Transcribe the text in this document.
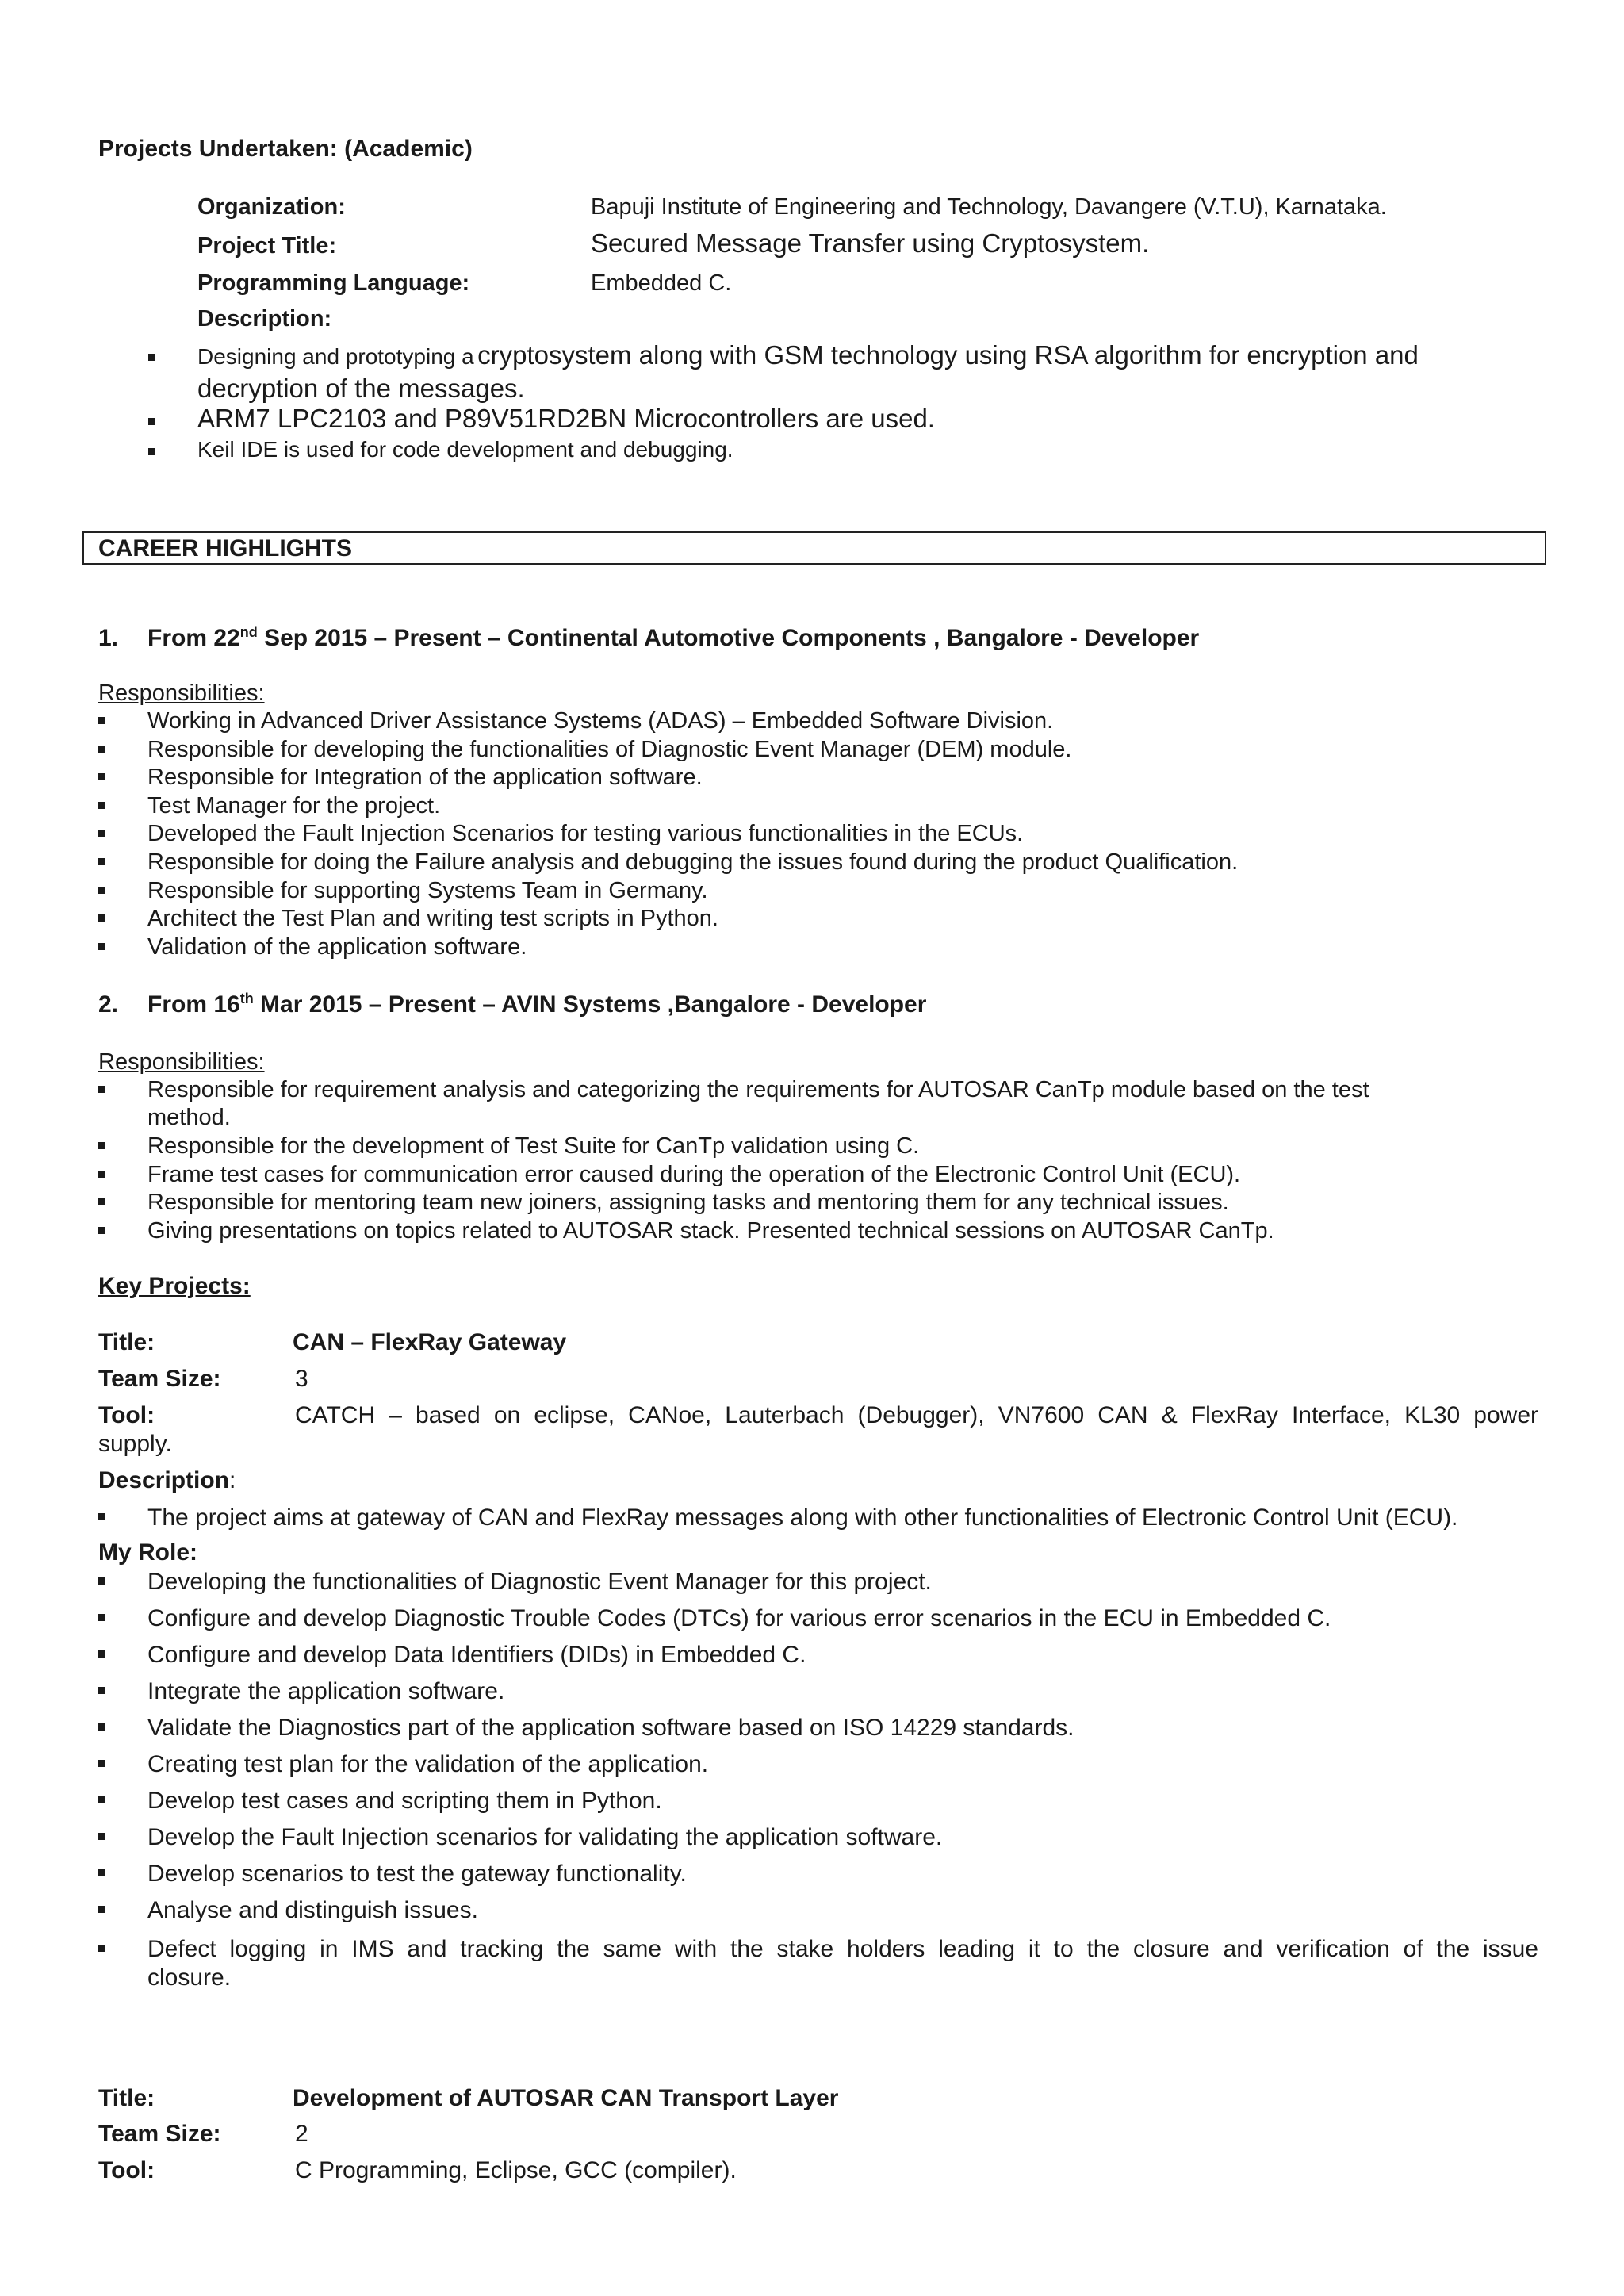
Projects Undertaken: (Academic)
Organization:	Bapuji Institute of Engineering and Technology, Davangere (V.T.U), Karnataka.
Project Title:	Secured Message Transfer using Cryptosystem.
Programming Language:	Embedded C.
Description:
Designing and prototyping a cryptosystem along with GSM technology using RSA algorithm for encryption and
decryption of the messages.
ARM7 LPC2103 and P89V51RD2BN Microcontrollers are used.
Keil IDE is used for code development and debugging.
CAREER HIGHLIGHTS
1. From 22nd Sep 2015 – Present – Continental Automotive Components , Bangalore - Developer
Responsibilities:
Working in Advanced Driver Assistance Systems (ADAS) – Embedded Software Division.
Responsible for developing the functionalities of Diagnostic Event Manager (DEM) module.
Responsible for Integration of the application software.
Test Manager for the project.
Developed the Fault Injection Scenarios for testing various functionalities in the ECUs.
Responsible for doing the Failure analysis and debugging the issues found during the product Qualification.
Responsible for supporting Systems Team in Germany.
Architect the Test Plan and writing test scripts in Python.
Validation of the application software.
2. From 16th Mar 2015 – Present – AVIN Systems ,Bangalore - Developer
Responsibilities:
Responsible for requirement analysis and categorizing the requirements for AUTOSAR CanTp module based on the test
method.
Responsible for the development of Test Suite for CanTp validation using C.
Frame test cases for communication error caused during the operation of the Electronic Control Unit (ECU).
Responsible for mentoring team new joiners, assigning tasks and mentoring them for any technical issues.
Giving presentations on topics related to AUTOSAR stack. Presented technical sessions on AUTOSAR CanTp.
Key Projects:
Title:	CAN – FlexRay Gateway
Team Size:	3
Tool:	CATCH – based on eclipse, CANoe, Lauterbach (Debugger), VN7600 CAN & FlexRay Interface, KL30 power
supply.
Description:
The project aims at gateway of CAN and FlexRay messages along with other functionalities of Electronic Control Unit (ECU).
My Role:
Developing the functionalities of Diagnostic Event Manager for this project.
Configure and develop Diagnostic Trouble Codes (DTCs) for various error scenarios in the ECU in Embedded C.
Configure and develop Data Identifiers (DIDs) in Embedded C.
Integrate the application software.
Validate the Diagnostics part of the application software based on ISO 14229 standards.
Creating test plan for the validation of the application.
Develop test cases and scripting them in Python.
Develop the Fault Injection scenarios for validating the application software.
Develop scenarios to test the gateway functionality.
Analyse and distinguish issues.
Defect logging in IMS and tracking the same with the stake holders leading it to the closure and verification of the issue
closure.
Title:	Development of AUTOSAR CAN Transport Layer
Team Size:	2
Tool:	C Programming, Eclipse, GCC (compiler).
